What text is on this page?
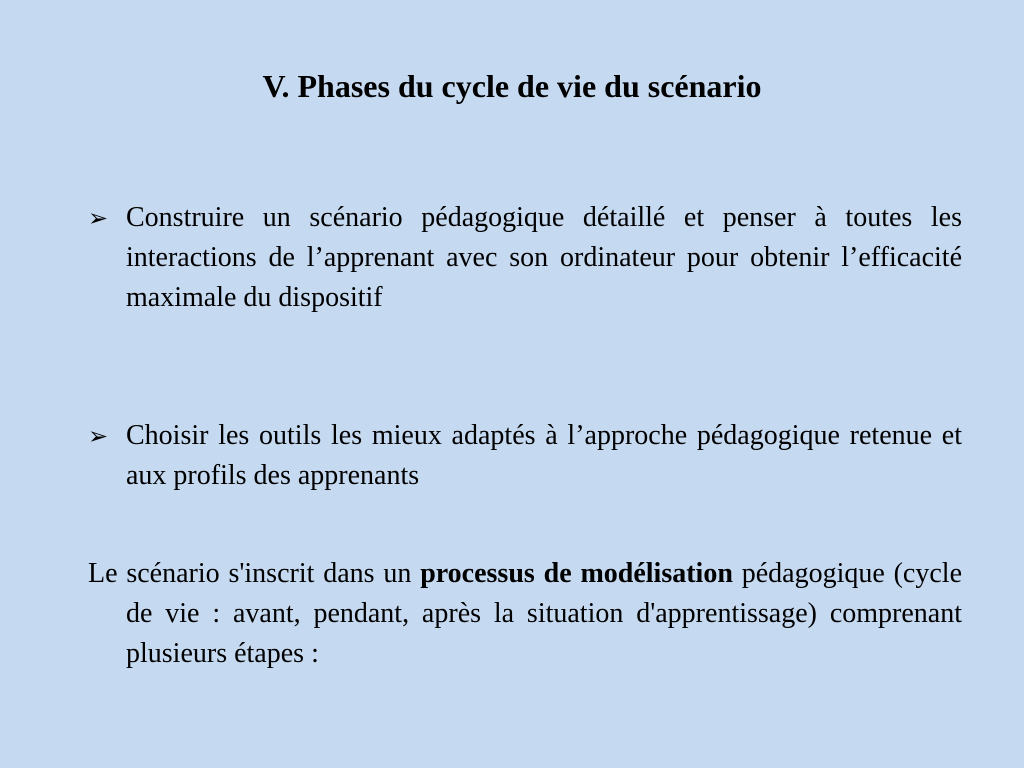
V. Phases du cycle de vie du scénario
➢ Construire un scénario pédagogique détaillé et penser à toutes les interactions de l’apprenant avec son ordinateur pour obtenir l’efficacité maximale du dispositif
➢ Choisir les outils les mieux adaptés à l’approche pédagogique retenue et aux profils des apprenants
Le scénario s'inscrit dans un processus de modélisation pédagogique (cycle de vie : avant, pendant, après la situation d'apprentissage) comprenant plusieurs étapes :
